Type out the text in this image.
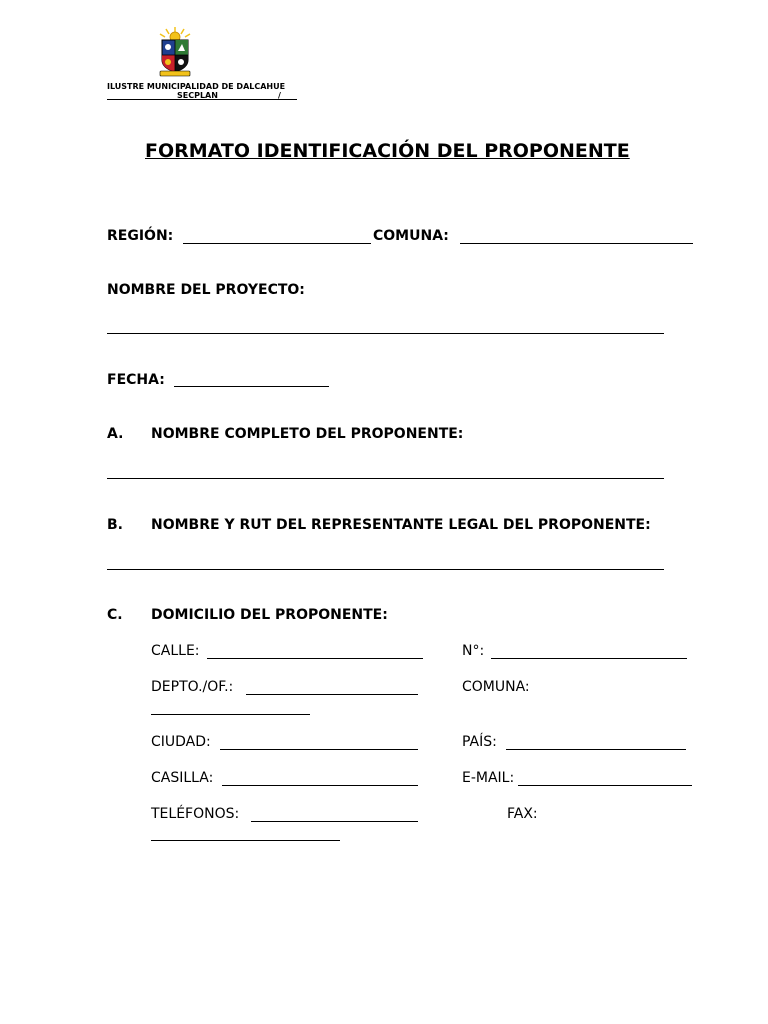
ILUSTRE MUNICIPALIDAD DE DALCAHUE
SECPLAN	/
FORMATO IDENTIFICACIÓN DEL PROPONENTE
REGIÓN:	COMUNA:
NOMBRE DEL PROYECTO:
FECHA:
A. NOMBRE COMPLETO DEL PROPONENTE:
B. NOMBRE Y RUT DEL REPRESENTANTE LEGAL DEL PROPONENTE:
C. DOMICILIO DEL PROPONENTE:
CALLE:	N°:
DEPTO./OF.:	COMUNA:
CIUDAD:	PAÍS:
CASILLA:	E-MAIL:
TELÉFONOS:	FAX:
